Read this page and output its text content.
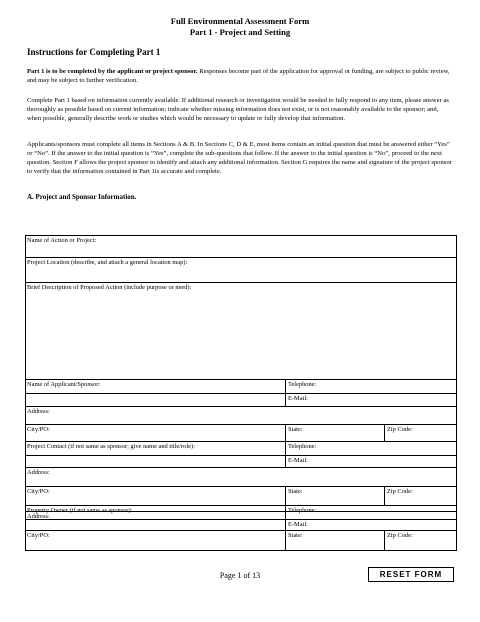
Full Environmental Assessment Form
Part 1 - Project and Setting
Instructions for Completing Part 1

Part 1 is to be completed by the applicant or project sponsor. Responses become part of the application for approval or funding, are subject to public review, and may be subject to further verification.

Complete Part 1 based on information currently available. If additional research or investigation would be needed to fully respond to any item, please answer as thoroughly as possible based on current information; indicate whether missing information does not exist, or is not reasonably available to the sponsor; and, when possible, generally describe work or studies which would be necessary to update or fully develop that information.

Applicants/sponsors must complete all items in Sections A & B. In Sections C, D & E, most items contain an initial question that must be answered either “Yes” or “No”. If the answer to the initial question is “Yes”, complete the sub-questions that follow. If the answer to the initial question is “No”, proceed to the next question. Section F allows the project sponsor to identify and attach any additional information. Section G requires the name and signature of the project sponsor to verify that the information contained in Part 1is accurate and complete.

A. Project and Sponsor Information.
Name of Action or Project:
Project Location (describe, and attach a general location map):
Brief Description of Proposed Action (include purpose or need):
Name of Applicant/Sponsor:	Telephone:
E-Mail:
Address:
City/PO:	State:	Zip Code:
Project Contact (if not same as sponsor; give name and title/role):	Telephone:
E-Mail:
Address:
City/PO:	State:	Zip Code:
Property Owner (if not same as sponsor):	Telephone:
E-Mail:
Page 1 of 13	RESET FORM
Address:
City/PO:	State:	Zip Code:
